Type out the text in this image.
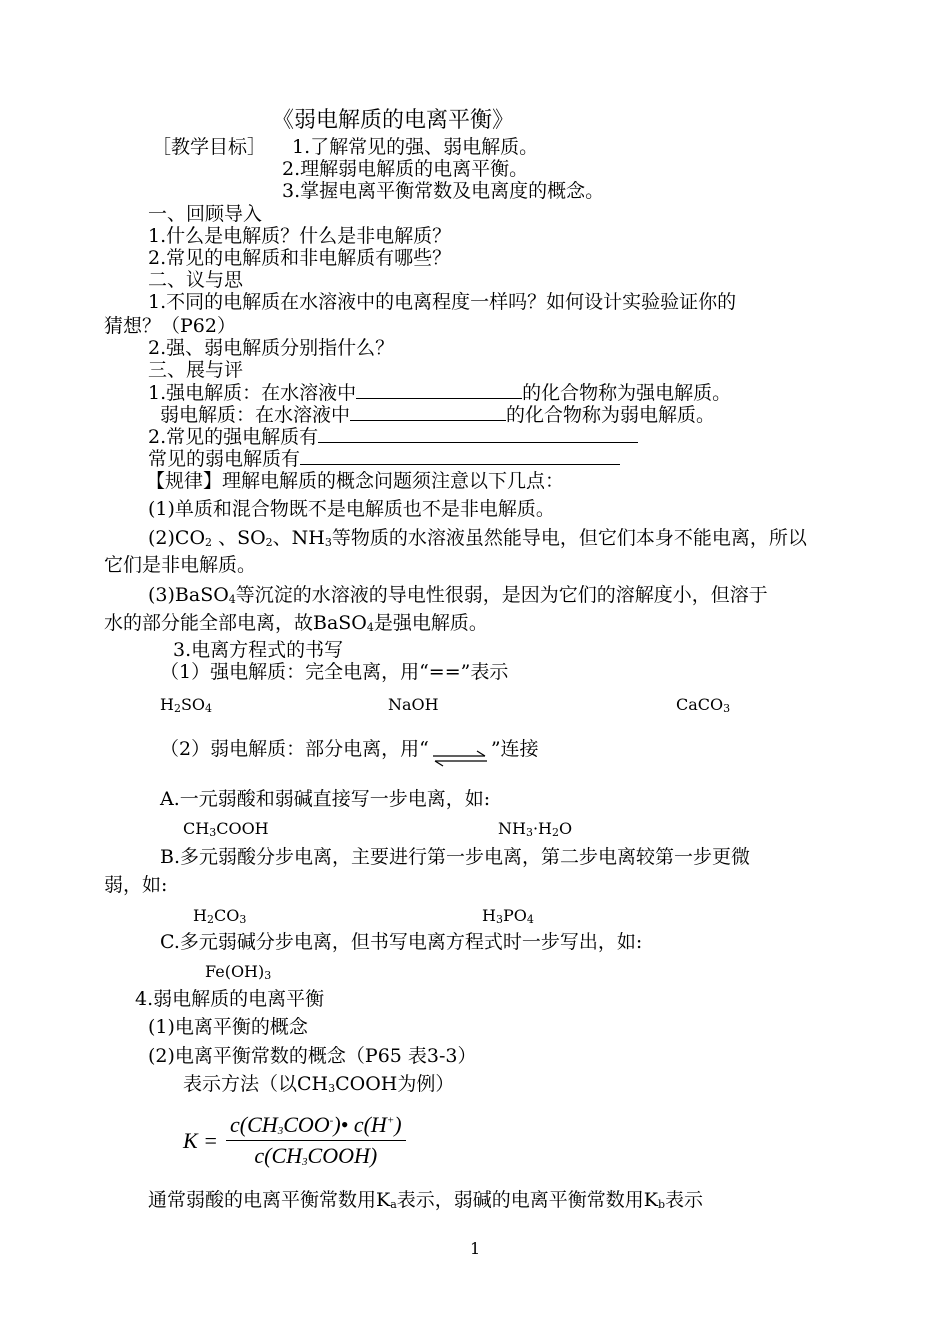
《弱电解质的电离平衡》
［教学目标］ 1.了解常见的强、弱电解质。
2.理解弱电解质的电离平衡。
3.掌握电离平衡常数及电离度的概念。
一、回顾导入
1.什么是电解质？什么是非电解质？
2.常见的电解质和非电解质有哪些？
二、议与思
1.不同的电解质在水溶液中的电离程度一样吗？如何设计实验验证你的
猜想？（P62）
2.强、弱电解质分别指什么？
三、展与评
1.强电解质：在水溶液中	的化合物称为强电解质。
弱电解质：在水溶液中	的化合物称为弱电解质。
2.常见的强电解质有
常见的弱电解质有
【规律】理解电解质的概念问题须注意以下几点：
(1)单质和混合物既不是电解质也不是非电解质。
$(2)CO_2$ 、$SO_2$、$NH_3$等物质的水溶液虽然能导电，但它们本身不能电离，所以
它们是非电解质。
(3)BaSO$_4$等沉淀的水溶液的导电性很弱，是因为它们的溶解度小，但溶于
水的部分能全部电离，故BaSO$_4$是强电解质。
3.电离方程式的书写
（1）强电解质：完全电离，用“==”表示
$H_2SO_4$	NaOH	CaCO$_3$
（2）弱电解质：部分电离，用“ ⇌ ”连接
A.一元弱酸和弱碱直接写一步电离，如:
$CH_3COOH$	$NH_3\cdot H_2O$
B.多元弱酸分步电离，主要进行第一步电离，第二步电离较第一步更微
弱，如:
$H_2CO_3$	$H_3PO_4$
C.多元弱碱分步电离，但书写电离方程式时一步写出，如:
$Fe(OH)_3$
4.弱电解质的电离平衡
(1)电离平衡的概念
(2)电离平衡常数的概念（P65 表3-3）
表示方法（以$CH_3COOH$为例）
$K = \frac{c(CH_3COO^-)• c(H^+)}{c(CH_3COOH)}$
通常弱酸的电离平衡常数用$K_a$表示，弱碱的电离平衡常数用$K_b$表示
1
